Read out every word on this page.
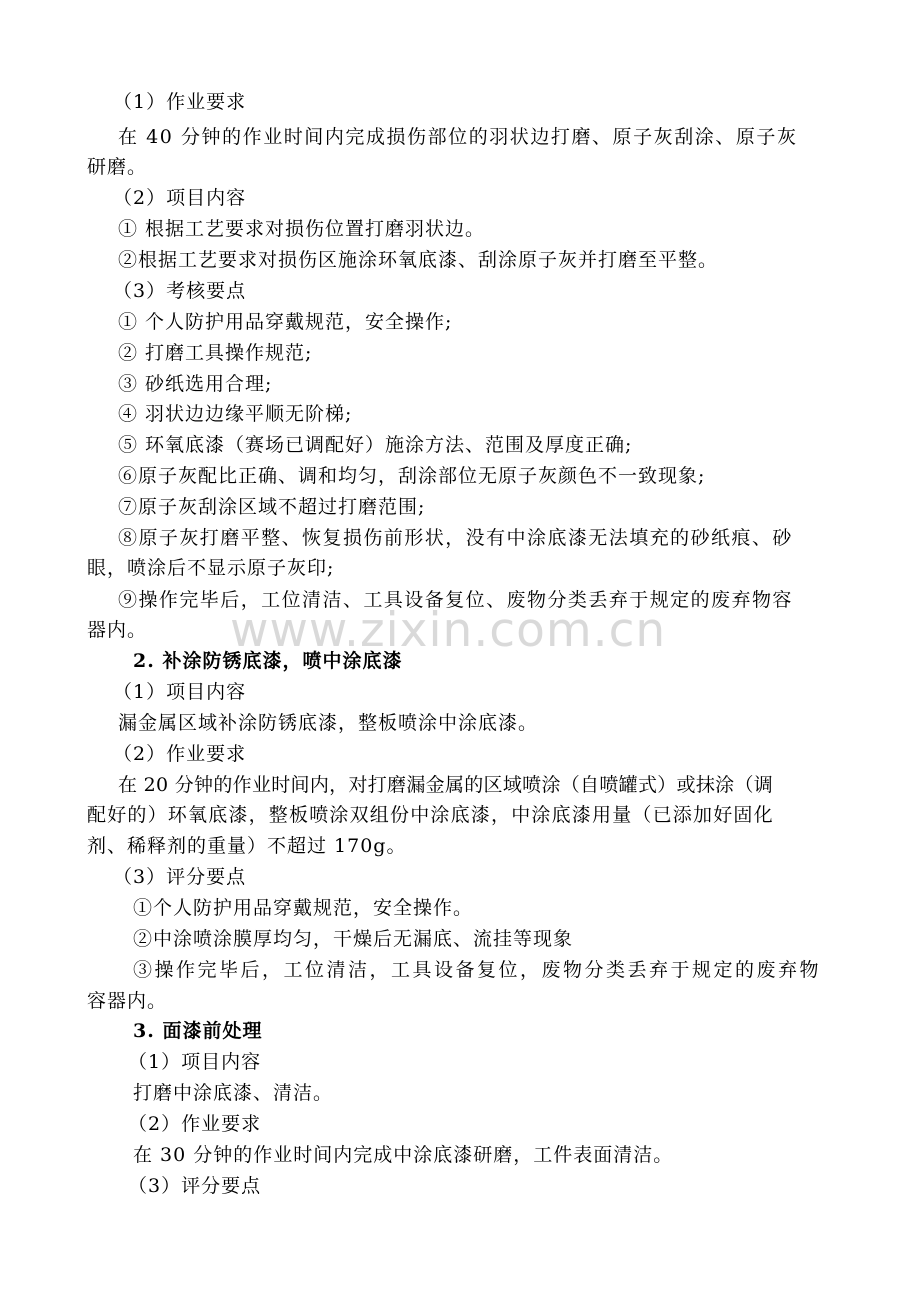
（1）作业要求
在 40 分钟的作业时间内完成损伤部位的羽状边打磨、原子灰刮涂、原子灰
研磨。
（2）项目内容
① 根据工艺要求对损伤位置打磨羽状边。
②根据工艺要求对损伤区施涂环氧底漆、刮涂原子灰并打磨至平整。
（3）考核要点
① 个人防护用品穿戴规范，安全操作;
② 打磨工具操作规范;
③ 砂纸选用合理;
④ 羽状边边缘平顺无阶梯;
⑤ 环氧底漆（赛场已调配好）施涂方法、范围及厚度正确;
⑥原子灰配比正确、调和均匀，刮涂部位无原子灰颜色不一致现象;
⑦原子灰刮涂区域不超过打磨范围;
⑧原子灰打磨平整、恢复损伤前形状，没有中涂底漆无法填充的砂纸痕、砂
眼，喷涂后不显示原子灰印;
⑨操作完毕后，工位清洁、工具设备复位、废物分类丢弃于规定的废弃物容
器内。
2. 补涂防锈底漆，喷中涂底漆
（1）项目内容
漏金属区域补涂防锈底漆，整板喷涂中涂底漆。
（2）作业要求
在 20 分钟的作业时间内，对打磨漏金属的区域喷涂（自喷罐式）或抹涂（调
配好的）环氧底漆，整板喷涂双组份中涂底漆，中涂底漆用量（已添加好固化
剂、稀释剂的重量）不超过 170g。
（3）评分要点
①个人防护用品穿戴规范，安全操作。
②中涂喷涂膜厚均匀，干燥后无漏底、流挂等现象
③操作完毕后，工位清洁，工具设备复位，废物分类丢弃于规定的废弃物
容器内。
3. 面漆前处理
（1）项目内容
打磨中涂底漆、清洁。
（2）作业要求
在 30 分钟的作业时间内完成中涂底漆研磨，工件表面清洁。
（3）评分要点
www.zixin.com.cn
